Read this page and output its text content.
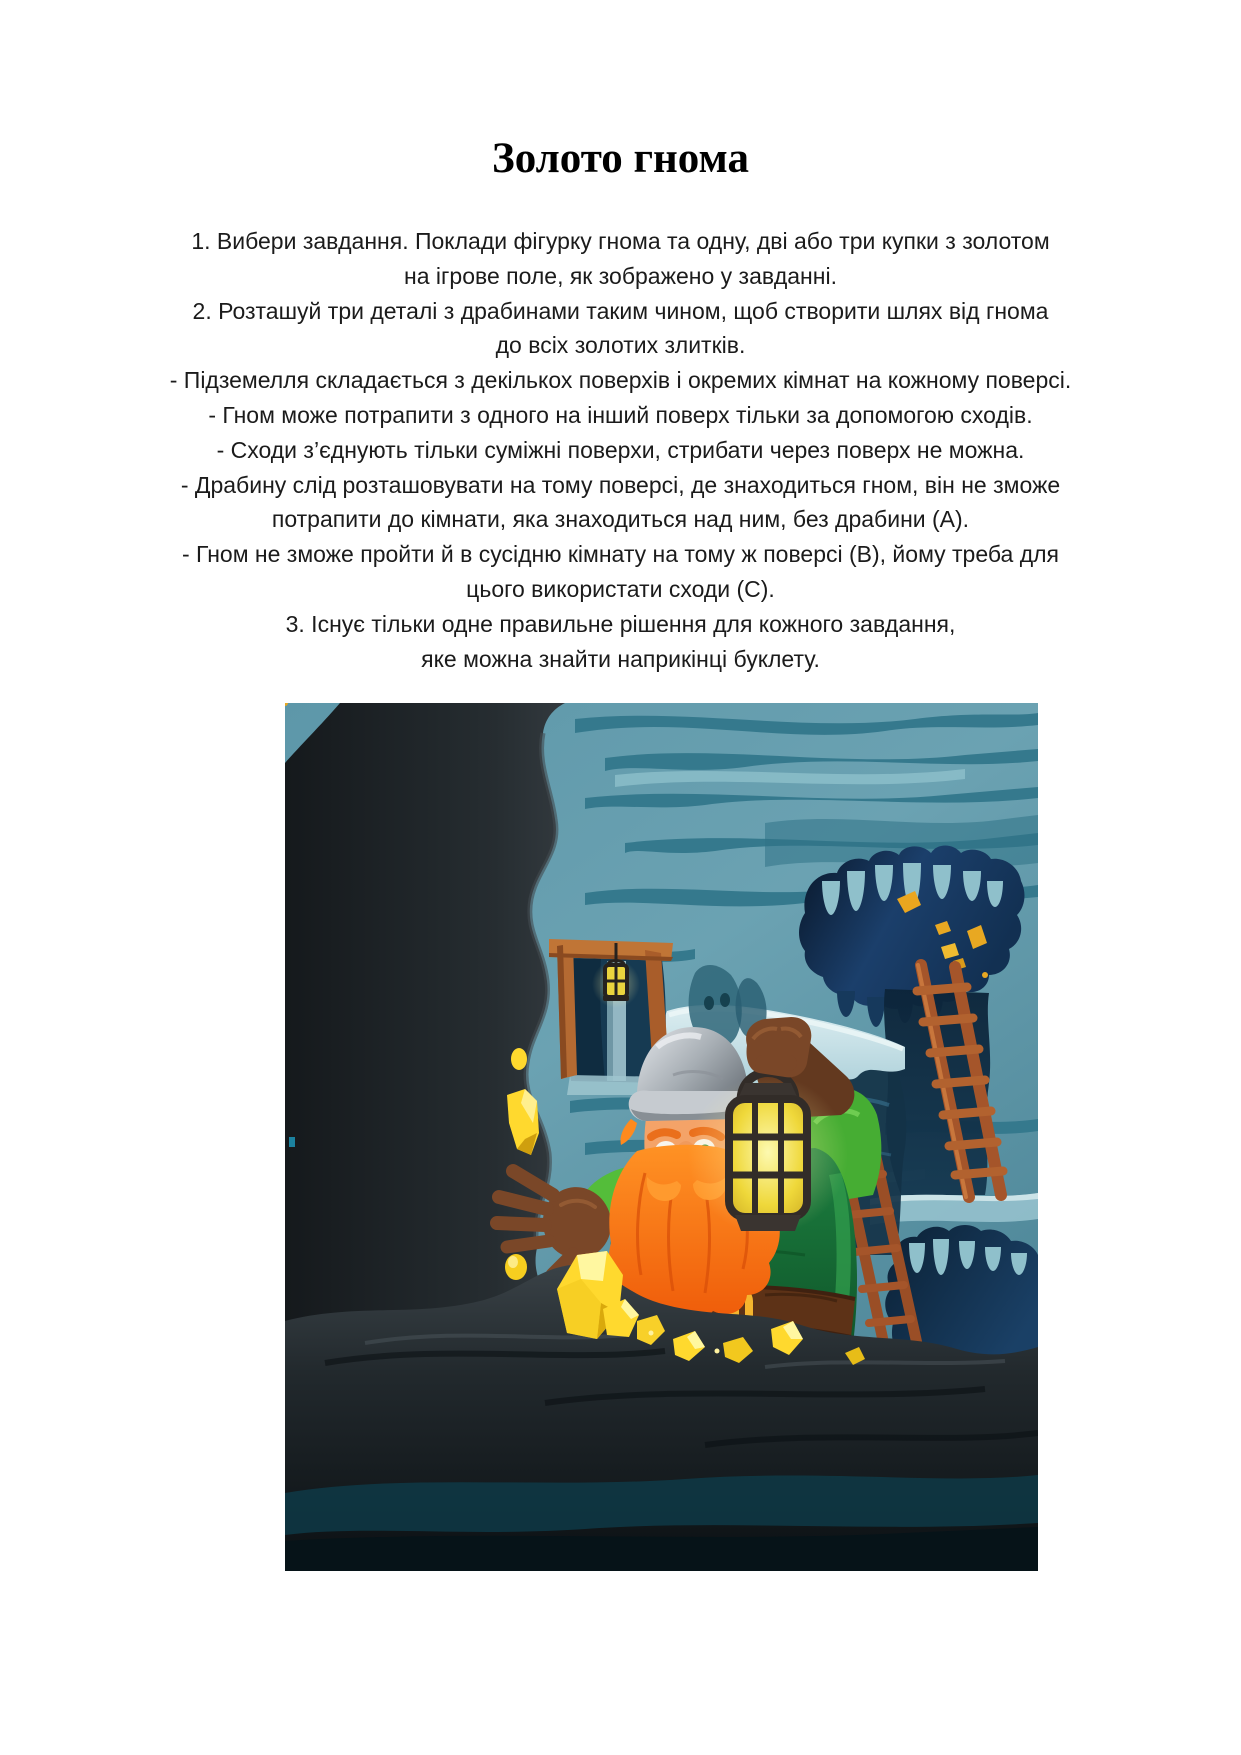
Золото гнома
1. Вибери завдання. Поклади фігурку гнома та одну, дві або три купки з золотом
на ігрове поле, як зображено у завданні.
2. Розташуй три деталі з драбинами таким чином, щоб створити шлях від гнома
до всіх золотих злитків.
- Підземелля складається з декількох поверхів і окремих кімнат на кожному поверсі.
- Гном може потрапити з одного на інший поверх тільки за допомогою сходів.
- Сходи з’єднують тільки суміжні поверхи, стрибати через поверх не можна.
- Драбину слід розташовувати на тому поверсі, де знаходиться гном, він не зможе
потрапити до кімнати, яка знаходиться над ним, без драбини (А).
- Гном не зможе пройти й в сусідню кімнату на тому ж поверсі (В), йому треба для
цього використати сходи (С).
3. Існує тільки одне правильне рішення для кожного завдання,
яке можна знайти наприкінці буклету.
